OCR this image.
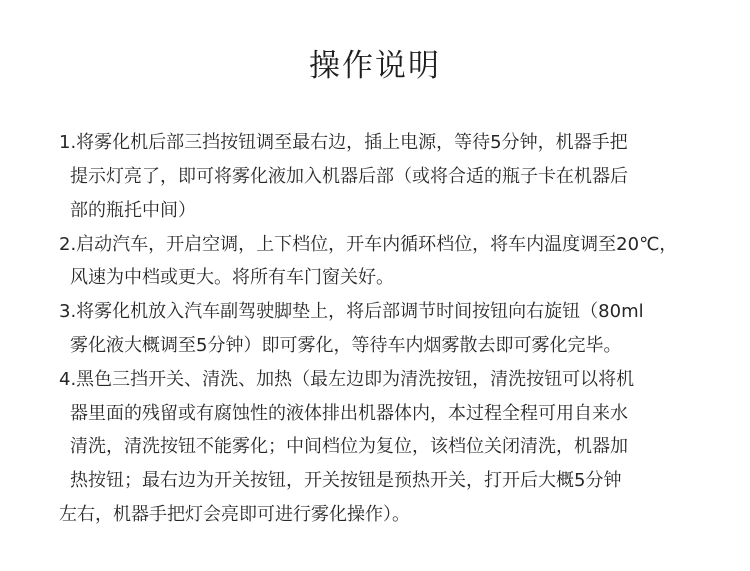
操作说明
1.将雾化机后部三挡按钮调至最右边，插上电源，等待5分钟，机器手把
提示灯亮了，即可将雾化液加入机器后部（或将合适的瓶子卡在机器后
部的瓶托中间）
2.启动汽车，开启空调，上下档位，开车内循环档位，将车内温度调至20℃，
风速为中档或更大。将所有车门窗关好。
3.将雾化机放入汽车副驾驶脚垫上，将后部调节时间按钮向右旋钮（80ml
雾化液大概调至5分钟）即可雾化，等待车内烟雾散去即可雾化完毕。
4.黑色三挡开关、清洗、加热（最左边即为清洗按钮，清洗按钮可以将机
器里面的残留或有腐蚀性的液体排出机器体内，本过程全程可用自来水
清洗，清洗按钮不能雾化；中间档位为复位，该档位关闭清洗，机器加
热按钮；最右边为开关按钮，开关按钮是预热开关，打开后大概5分钟
左右，机器手把灯会亮即可进行雾化操作）。
